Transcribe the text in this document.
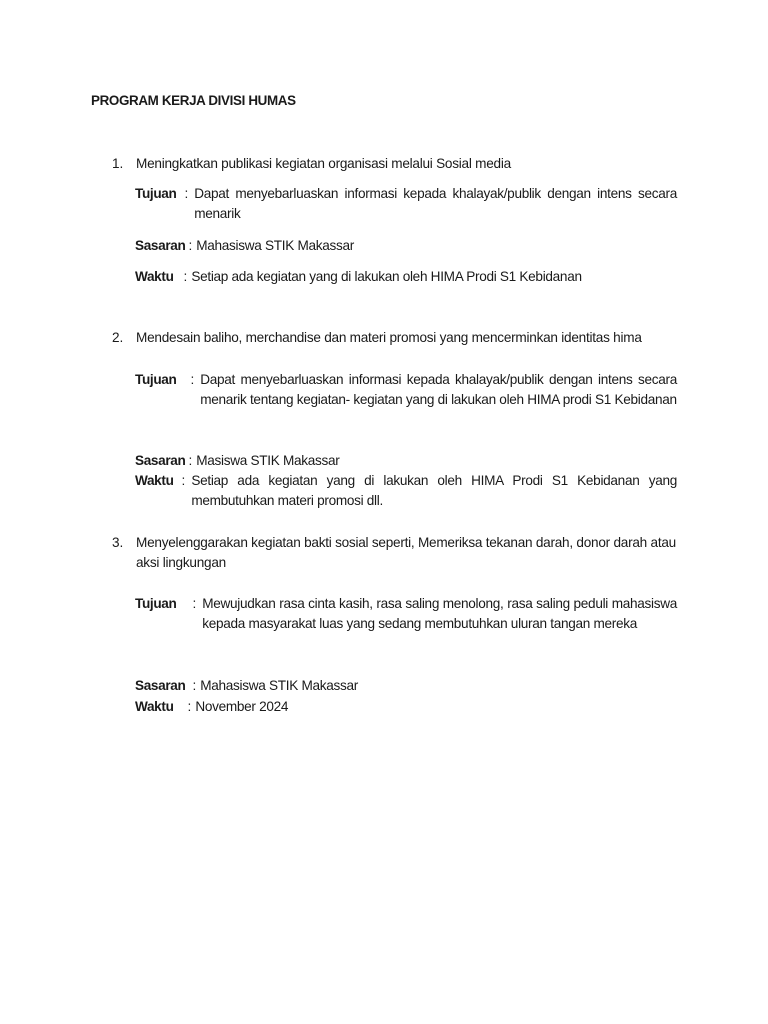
PROGRAM KERJA DIVISI HUMAS
1. Meningkatkan publikasi kegiatan organisasi melalui Sosial media
Tujuan : Dapat menyebarluaskan informasi kepada khalayak/publik dengan intens secara menarik
Sasaran : Mahasiswa STIK Makassar
Waktu : Setiap ada kegiatan yang di lakukan oleh HIMA Prodi S1 Kebidanan
2. Mendesain baliho, merchandise dan materi promosi yang mencerminkan identitas hima
Tujuan	: Dapat menyebarluaskan informasi kepada khalayak/publik dengan intens secara menarik tentang kegiatan- kegiatan yang di lakukan oleh HIMA prodi S1 Kebidanan
Sasaran : Masiswa STIK Makassar
Waktu : Setiap ada kegiatan yang di lakukan oleh HIMA Prodi S1 Kebidanan yang membutuhkan materi promosi dll.
3. Menyelenggarakan kegiatan bakti sosial seperti, Memeriksa tekanan darah, donor darah atau aksi lingkungan
Tujuan	: Mewujudkan rasa cinta kasih, rasa saling menolong, rasa saling peduli mahasiswa kepada masyarakat luas yang sedang membutuhkan uluran tangan mereka
Sasaran : Mahasiswa STIK Makassar
Waktu	: November 2024
